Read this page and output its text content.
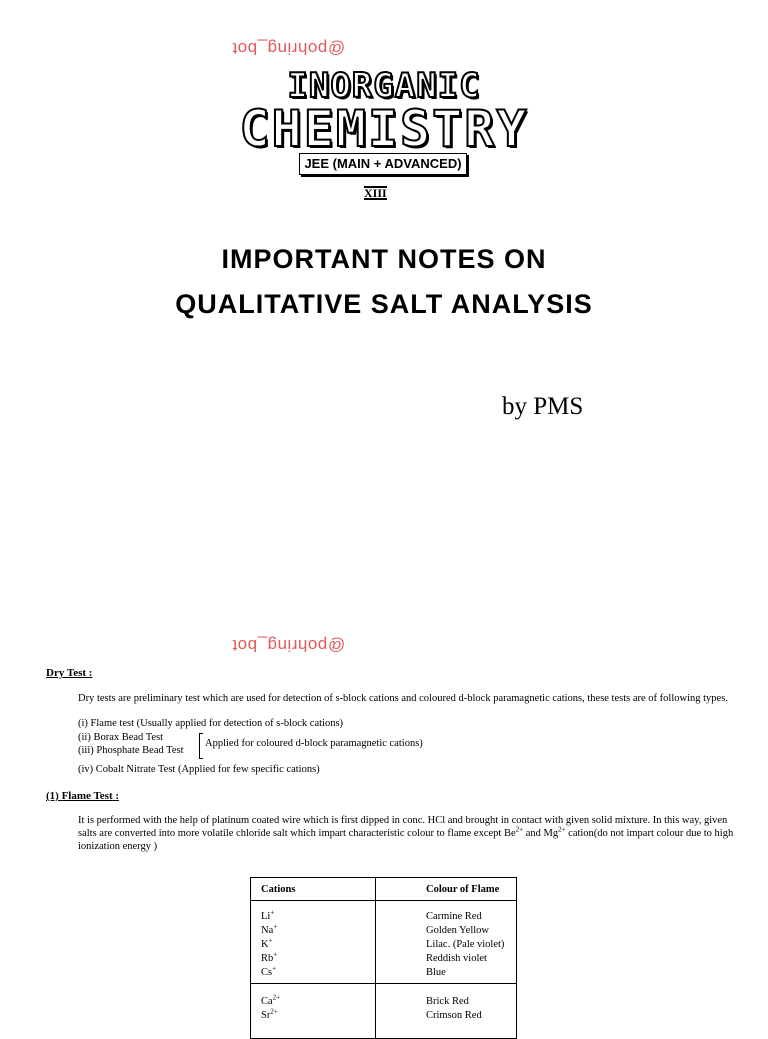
@pohring_bot
INORGANIC
CHEMISTRY
JEE (MAIN + ADVANCED)
XIII
IMPORTANT NOTES ON
QUALITATIVE SALT ANALYSIS
by PMS
@pohring_bot
Dry Test :
Dry tests are preliminary test which are used for detection of s-block cations and coloured d-block paramagnetic cations, these tests are of following types.
(i) Flame test (Usually applied for detection of s-block cations)
(ii) Borax Bead Test
(iii) Phosphate Bead Test
Applied for coloured d-block paramagnetic cations)
(iv) Cobalt Nitrate Test (Applied for few specific cations)
(1) Flame Test :
It is performed with the help of platinum coated wire which is first dipped in conc. HCl and brought in contact with given solid mixture. In this way, given salts are converted into more volatile chloride salt which impart characteristic colour to flame except $Be^{2+}$ and $Mg^{2+}$ cation(do not impart colour due to high ionization energy )
Cations	Colour of Flame
Li+	Carmine Red
Na+	Golden Yellow
K+	Lilac. (Pale violet)
Rb+	Reddish violet
Cs+	Blue
$Ca^{2+}$	Brick Red
$Sr^{2+}$	Crimson Red
